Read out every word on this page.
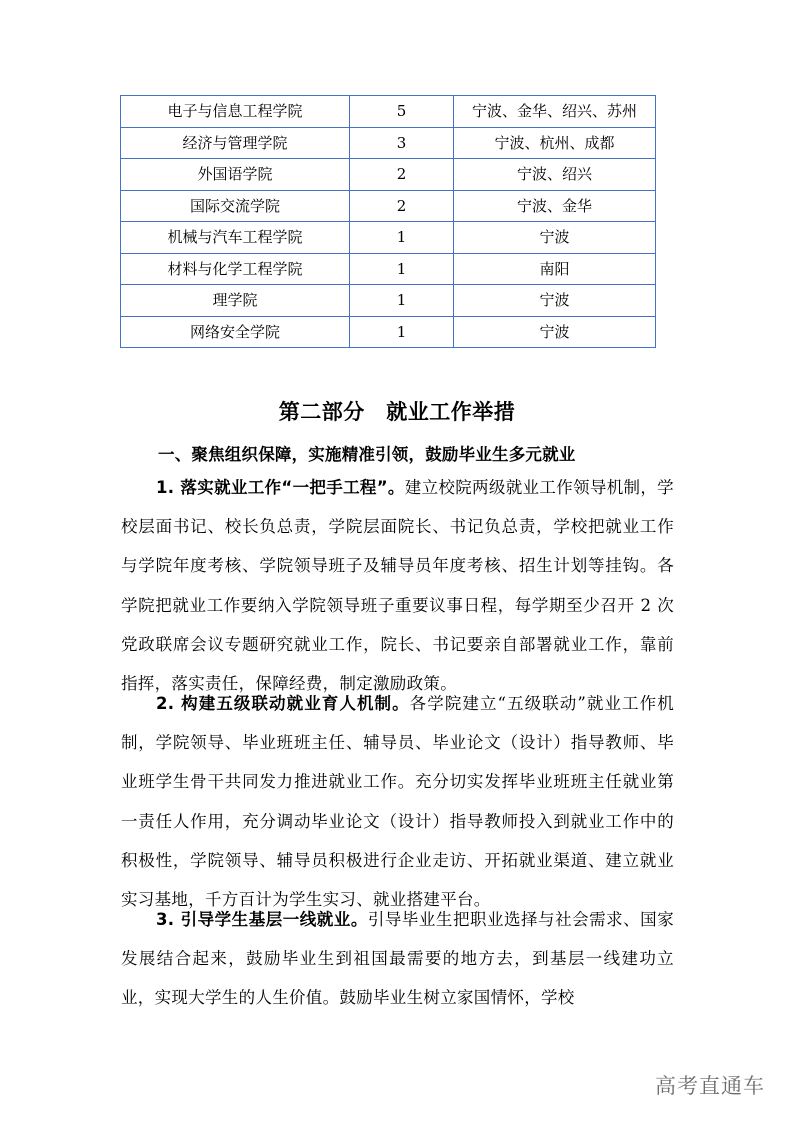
电子与信息工程学院	5	宁波、金华、绍兴、苏州
经济与管理学院	3	宁波、杭州、成都
外国语学院	2	宁波、绍兴
国际交流学院	2	宁波、金华
机械与汽车工程学院	1	宁波
材料与化学工程学院	1	南阳
理学院	1	宁波
网络安全学院	1	宁波
第二部分　就业工作举措
一、聚焦组织保障，实施精准引领，鼓励毕业生多元就业

1. 落实就业工作“一把手工程”。建立校院两级就业工作领导机制，学校层面书记、校长负总责，学院层面院长、书记负总责，学校把就业工作与学院年度考核、学院领导班子及辅导员年度考核、招生计划等挂钩。各学院把就业工作要纳入学院领导班子重要议事日程，每学期至少召开 2 次党政联席会议专题研究就业工作，院长、书记要亲自部署就业工作，靠前指挥，落实责任，保障经费，制定激励政策。

2. 构建五级联动就业育人机制。各学院建立“五级联动”就业工作机制，学院领导、毕业班班主任、辅导员、毕业论文（设计）指导教师、毕业班学生骨干共同发力推进就业工作。充分切实发挥毕业班班主任就业第一责任人作用，充分调动毕业论文（设计）指导教师投入到就业工作中的积极性，学院领导、辅导员积极进行企业走访、开拓就业渠道、建立就业实习基地，千方百计为学生实习、就业搭建平台。

3. 引导学生基层一线就业。引导毕业生把职业选择与社会需求、国家发展结合起来，鼓励毕业生到祖国最需要的地方去，到基层一线建功立业，实现大学生的人生价值。鼓励毕业生树立家国情怀，学校

高考直通车
